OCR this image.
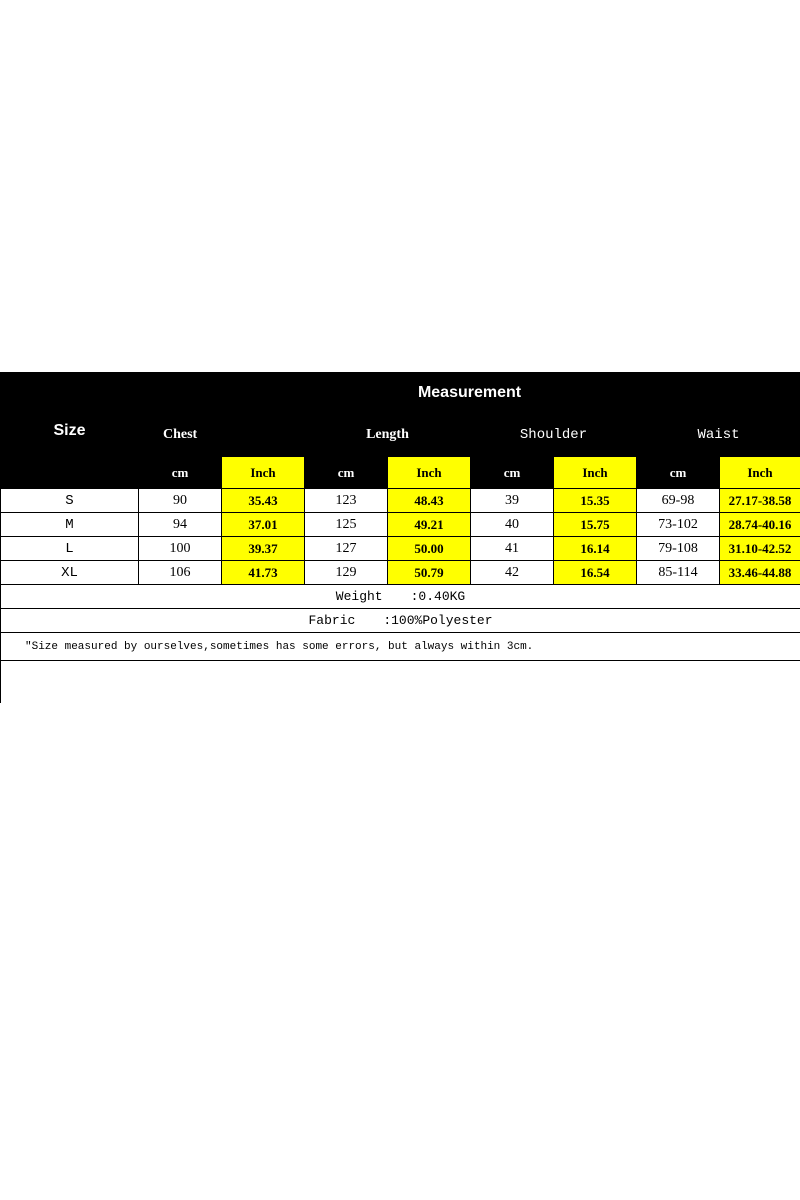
Size	Measurement							
	Chest		Length		Shoulder		Waist	
	cm	Inch	cm	Inch	cm	Inch	cm	Inch
S	90	35.43	123	48.43	39	15.35	69-98	27.17-38.58
M	94	37.01	125	49.21	40	15.75	73-102	28.74-40.16
L	100	39.37	127	50.00	41	16.14	79-108	31.10-42.52
XL	106	41.73	129	50.79	42	16.54	85-114	33.46-44.88
Weight :0.40KG								
Fabric :100%Polyester								
"Size measured by ourselves,sometimes has some errors, but always within 3cm.								
